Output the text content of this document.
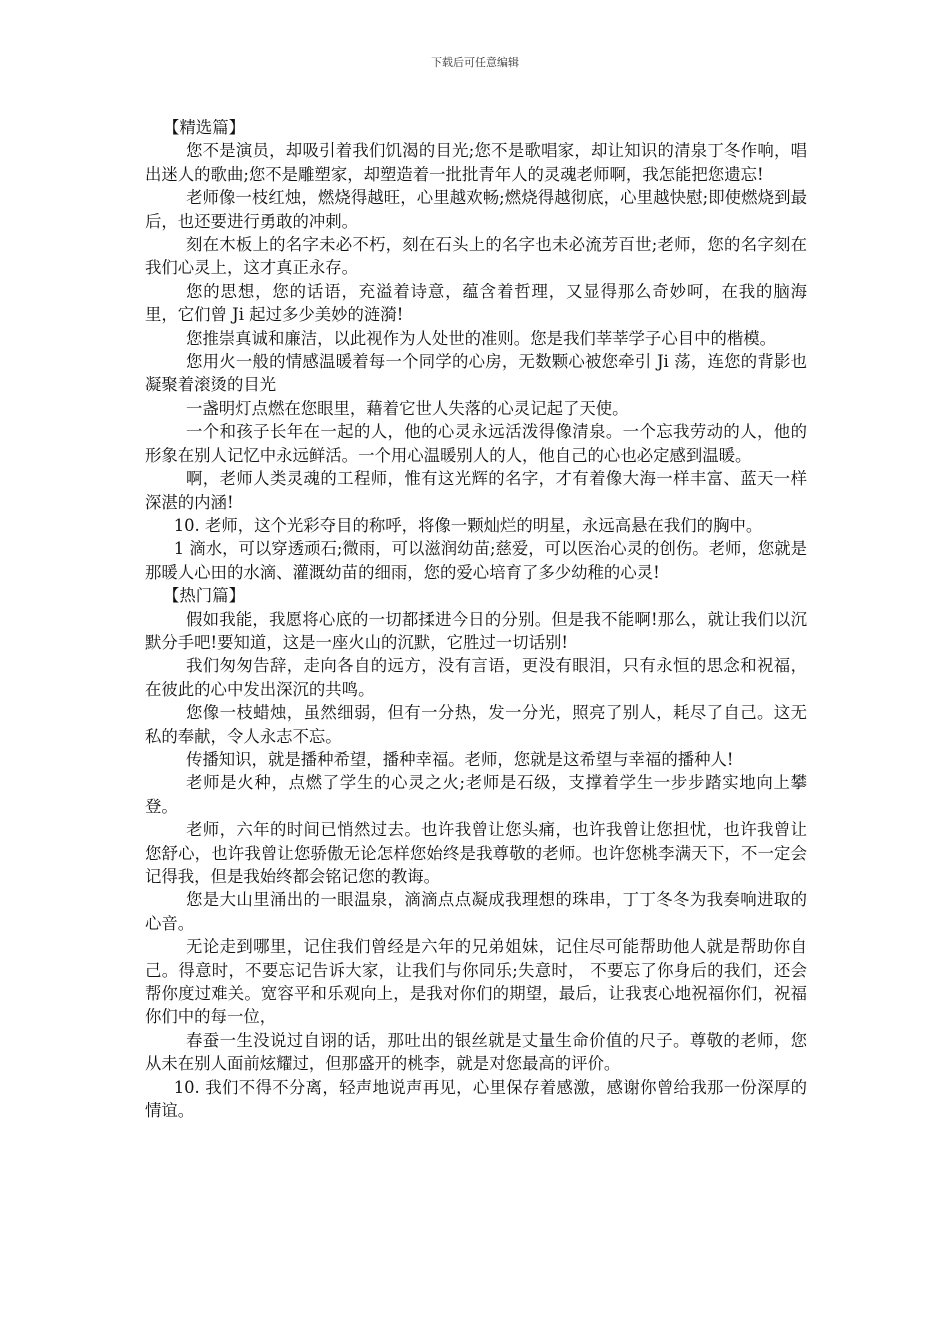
下载后可任意编辑

【精选篇】

您不是演员，却吸引着我们饥渴的目光;您不是歌唱家，却让知识的清泉丁冬作响，唱出迷人的歌曲;您不是雕塑家，却塑造着一批批青年人的灵魂老师啊，我怎能把您遗忘!

老师像一枝红烛，燃烧得越旺，心里越欢畅;燃烧得越彻底，心里越快慰;即使燃烧到最后，也还要进行勇敢的冲刺。

刻在木板上的名字未必不朽，刻在石头上的名字也未必流芳百世;老师，您的名字刻在我们心灵上，这才真正永存。

您的思想，您的话语，充溢着诗意，蕴含着哲理，又显得那么奇妙呵，在我的脑海里，它们曾 Ji 起过多少美妙的涟漪!

您推崇真诚和廉洁，以此视作为人处世的准则。您是我们莘莘学子心目中的楷模。

您用火一般的情感温暖着每一个同学的心房，无数颗心被您牵引 Ji 荡，连您的背影也凝聚着滚烫的目光

一盏明灯点燃在您眼里，藉着它世人失落的心灵记起了天使。

一个和孩子长年在一起的人，他的心灵永远活泼得像清泉。一个忘我劳动的人，他的形象在别人记忆中永远鲜活。一个用心温暖别人的人，他自己的心也必定感到温暖。

啊，老师人类灵魂的工程师，惟有这光辉的名字，才有着像大海一样丰富、蓝天一样深湛的内涵!

10. 老师，这个光彩夺目的称呼，将像一颗灿烂的明星，永远高悬在我们的胸中。

1 滴水，可以穿透顽石;微雨，可以滋润幼苗;慈爱，可以医治心灵的创伤。老师，您就是那暖人心田的水滴、灌溉幼苗的细雨，您的爱心培育了多少幼稚的心灵!

【热门篇】

假如我能，我愿将心底的一切都揉进今日的分别。但是我不能啊!那么，就让我们以沉默分手吧!要知道，这是一座火山的沉默，它胜过一切话别!

我们匆匆告辞，走向各自的远方，没有言语，更没有眼泪，只有永恒的思念和祝福，在彼此的心中发出深沉的共鸣。

您像一枝蜡烛，虽然细弱，但有一分热，发一分光，照亮了别人，耗尽了自己。这无私的奉献，令人永志不忘。

传播知识，就是播种希望，播种幸福。老师，您就是这希望与幸福的播种人!

老师是火种，点燃了学生的心灵之火;老师是石级，支撑着学生一步步踏实地向上攀登。

老师，六年的时间已悄然过去。也许我曾让您头痛，也许我曾让您担忧，也许我曾让您舒心，也许我曾让您骄傲无论怎样您始终是我尊敬的老师。也许您桃李满天下，不一定会记得我，但是我始终都会铭记您的教诲。

您是大山里涌出的一眼温泉，滴滴点点凝成我理想的珠串，丁丁冬冬为我奏响进取的心音。

无论走到哪里，记住我们曾经是六年的兄弟姐妹，记住尽可能帮助他人就是帮助你自己。得意时，不要忘记告诉大家，让我们与你同乐;失意时， 不要忘了你身后的我们，还会帮你度过难关。宽容平和乐观向上，是我对你们的期望，最后，让我衷心地祝福你们，祝福你们中的每一位，

春蚕一生没说过自诩的话，那吐出的银丝就是丈量生命价值的尺子。尊敬的老师，您从未在别人面前炫耀过，但那盛开的桃李，就是对您最高的评价。

10. 我们不得不分离，轻声地说声再见，心里保存着感激，感谢你曾给我那一份深厚的情谊。
